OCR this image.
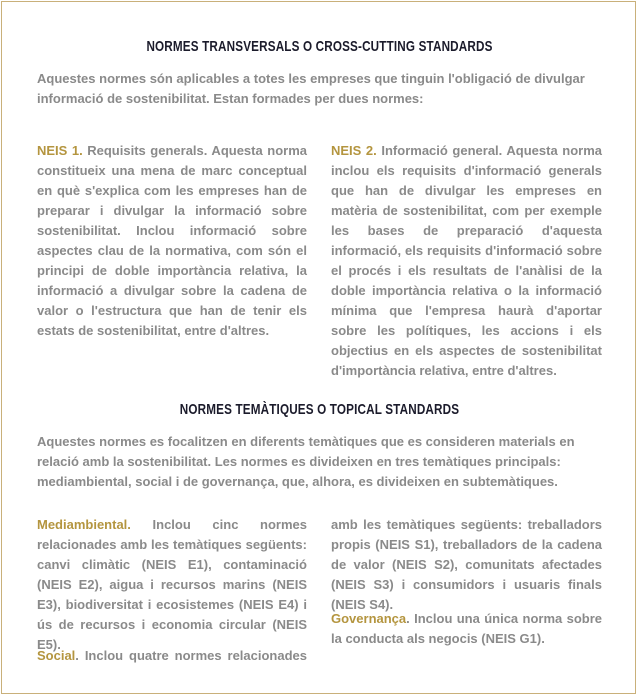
NORMES TRANSVERSALS O CROSS-CUTTING STANDARDS
Aquestes normes són aplicables a totes les empreses que tinguin l'obligació de divulgar informació de sostenibilitat. Estan formades per dues normes:
NEIS 1. Requisits generals. Aquesta norma constitueix una mena de marc conceptual en què s'explica com les empreses han de preparar i divulgar la informació sobre sostenibilitat. Inclou informació sobre aspectes clau de la normativa, com són el principi de doble importància relativa, la informació a divulgar sobre la cadena de valor o l'estructura que han de tenir els estats de sostenibilitat, entre d'altres.
NEIS 2. Informació general. Aquesta norma inclou els requisits d'informació generals que han de divulgar les empreses en matèria de sostenibilitat, com per exemple les bases de preparació d'aquesta informació, els requisits d'informació sobre el procés i els resultats de l'anàlisi de la doble importància relativa o la informació mínima que l'empresa haurà d'aportar sobre les polítiques, les accions i els objectius en els aspectes de sostenibilitat d'importància relativa, entre d'altres.
NORMES TEMÀTIQUES O TOPICAL STANDARDS
Aquestes normes es focalitzen en diferents temàtiques que es consideren materials en relació amb la sostenibilitat. Les normes es divideixen en tres temàtiques principals: mediambiental, social i de governança, que, alhora, es divideixen en subtemàtiques.
Mediambiental. Inclou cinc normes relacionades amb les temàtiques següents: canvi climàtic (NEIS E1), contaminació (NEIS E2), aigua i recursos marins (NEIS E3), biodiversitat i ecosistemes (NEIS E4) i ús de recursos i economia circular (NEIS E5).
Social. Inclou quatre normes relacionades
amb les temàtiques següents: treballadors propis (NEIS S1), treballadors de la cadena de valor (NEIS S2), comunitats afectades (NEIS S3) i consumidors i usuaris finals (NEIS S4).
Governança. Inclou una única norma sobre la conducta als negocis (NEIS G1).
